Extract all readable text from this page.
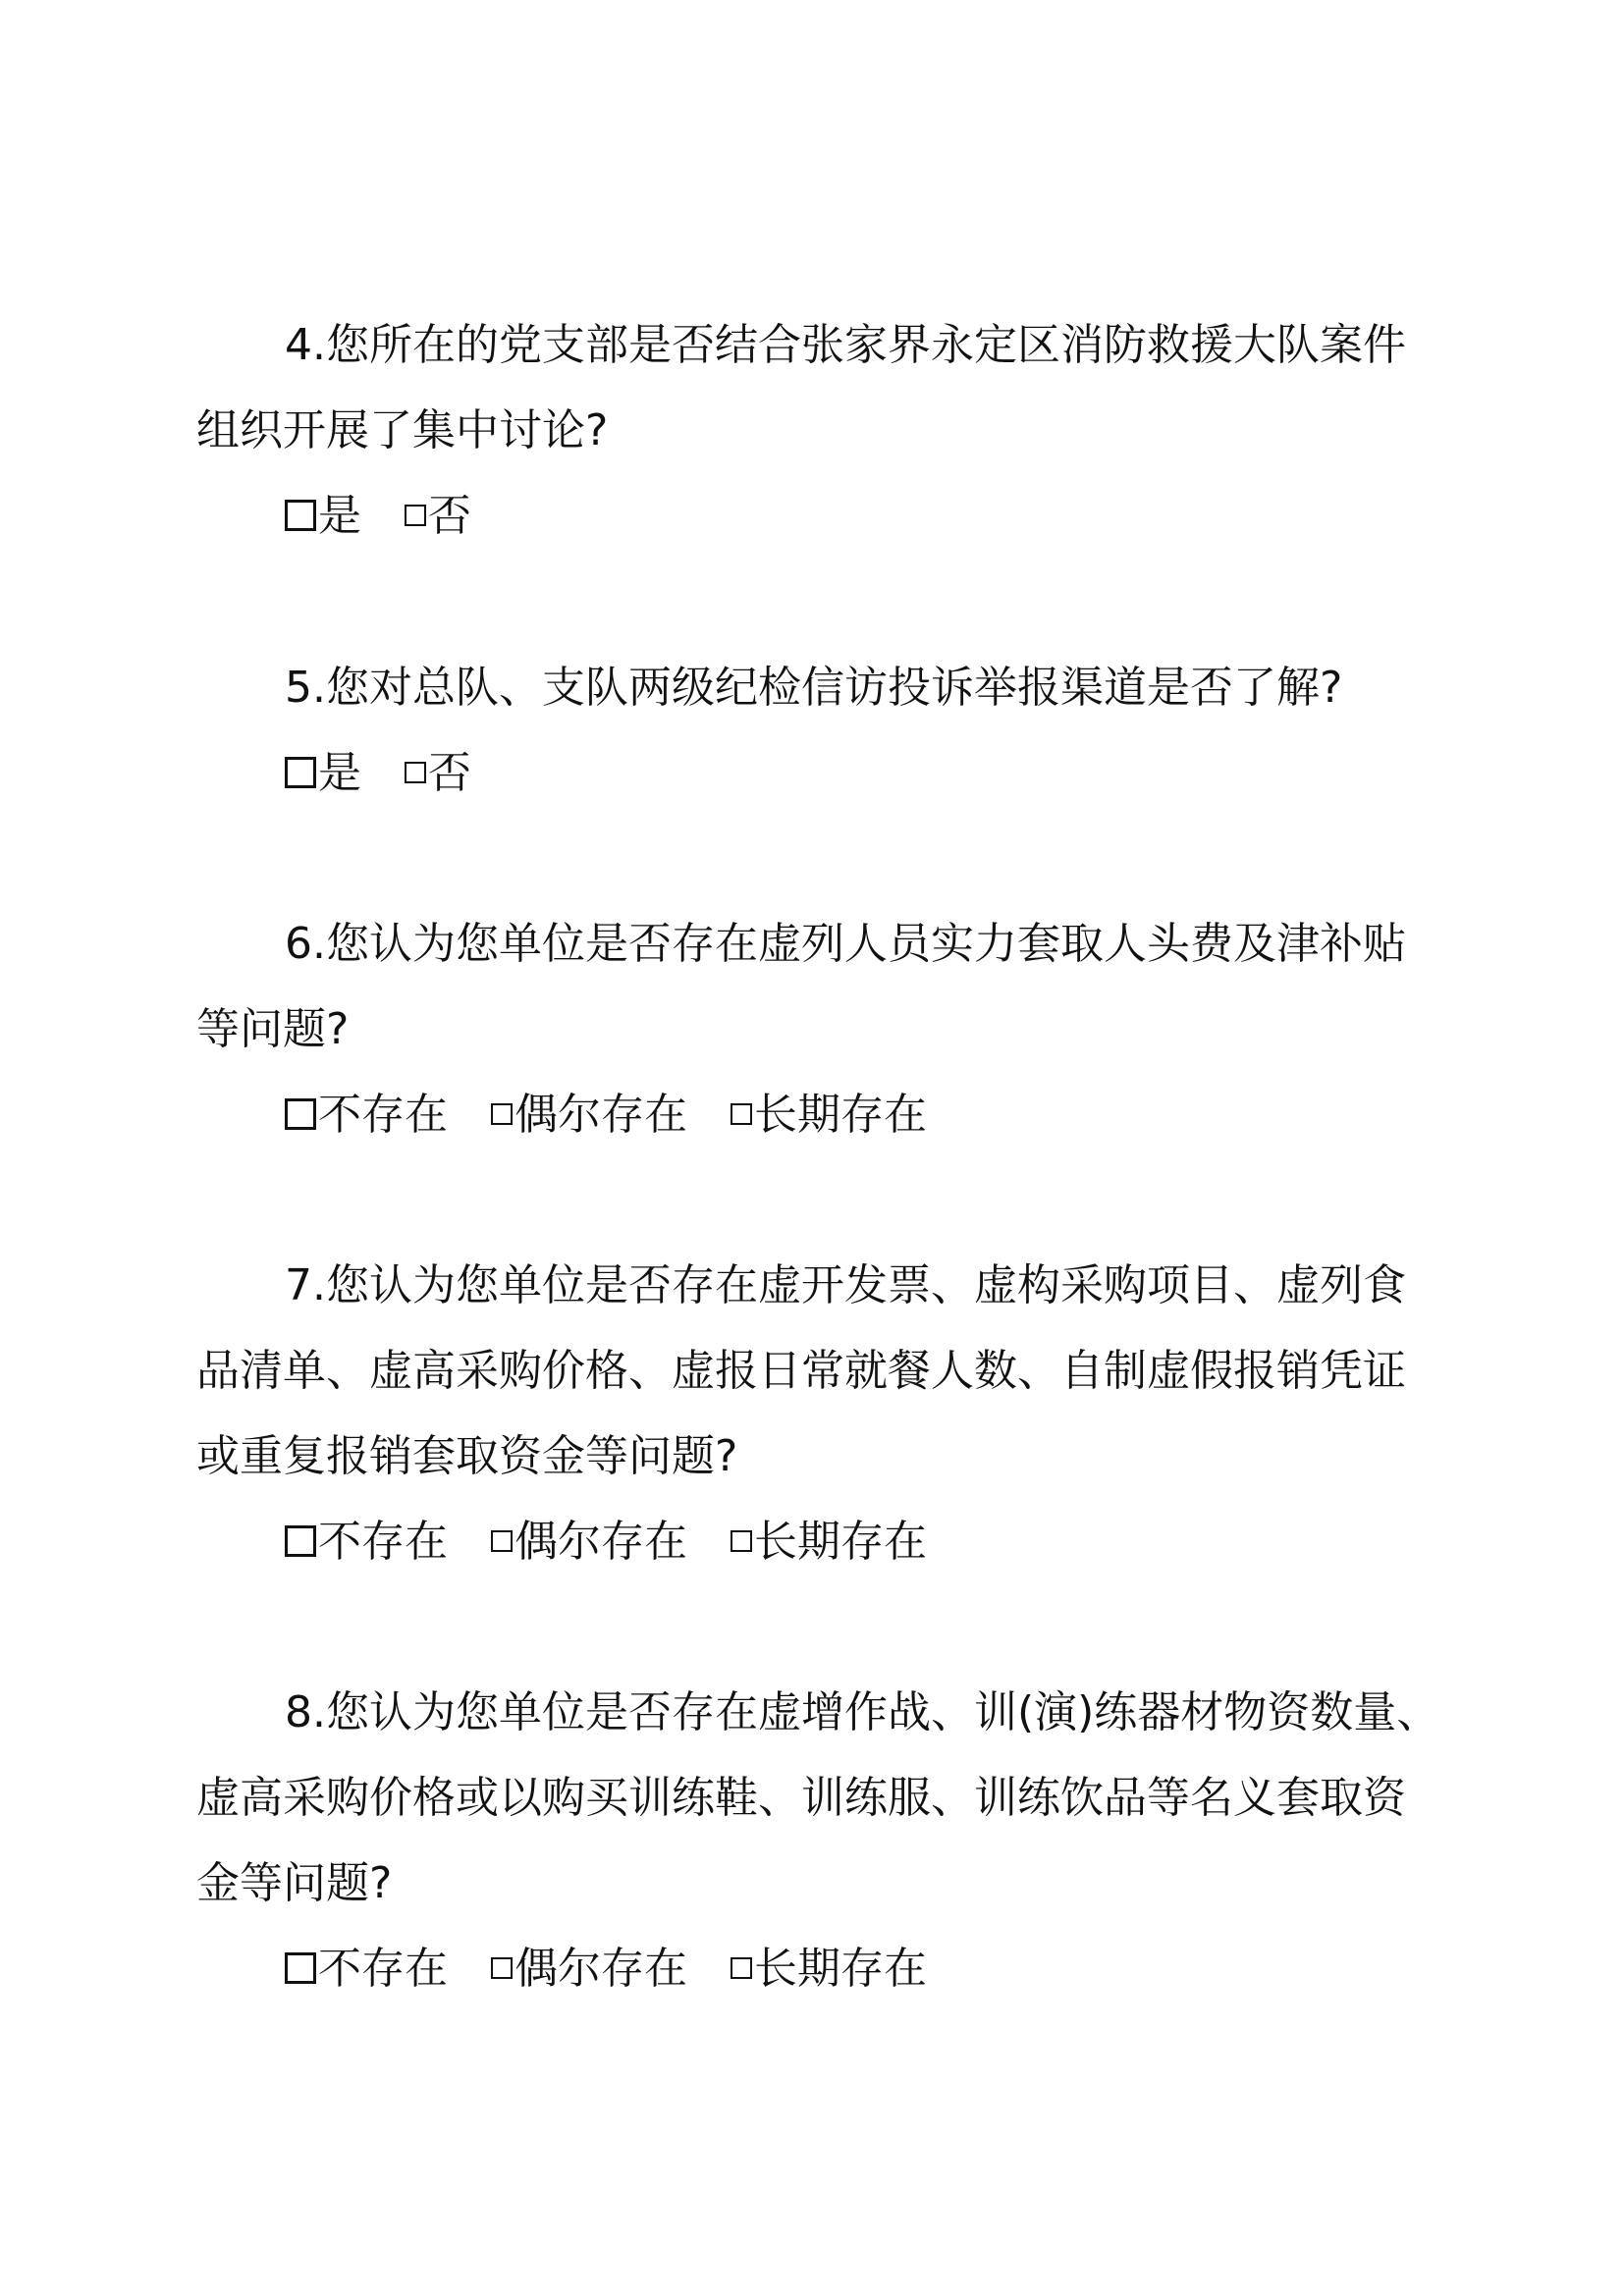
4.您所在的党支部是否结合张家界永定区消防救援大队案件组织开展了集中讨论?

是 否

5.您对总队、支队两级纪检信访投诉举报渠道是否了解?

是 否

6.您认为您单位是否存在虚列人员实力套取人头费及津补贴等问题?

不存在 偶尔存在 长期存在

7.您认为您单位是否存在虚开发票、虚构采购项目、虚列食品清单、虚高采购价格、虚报日常就餐人数、自制虚假报销凭证或重复报销套取资金等问题?

不存在 偶尔存在 长期存在

8.您认为您单位是否存在虚增作战、训(演)练器材物资数量、虚高采购价格或以购买训练鞋、训练服、训练饮品等名义套取资金等问题?

不存在 偶尔存在 长期存在
